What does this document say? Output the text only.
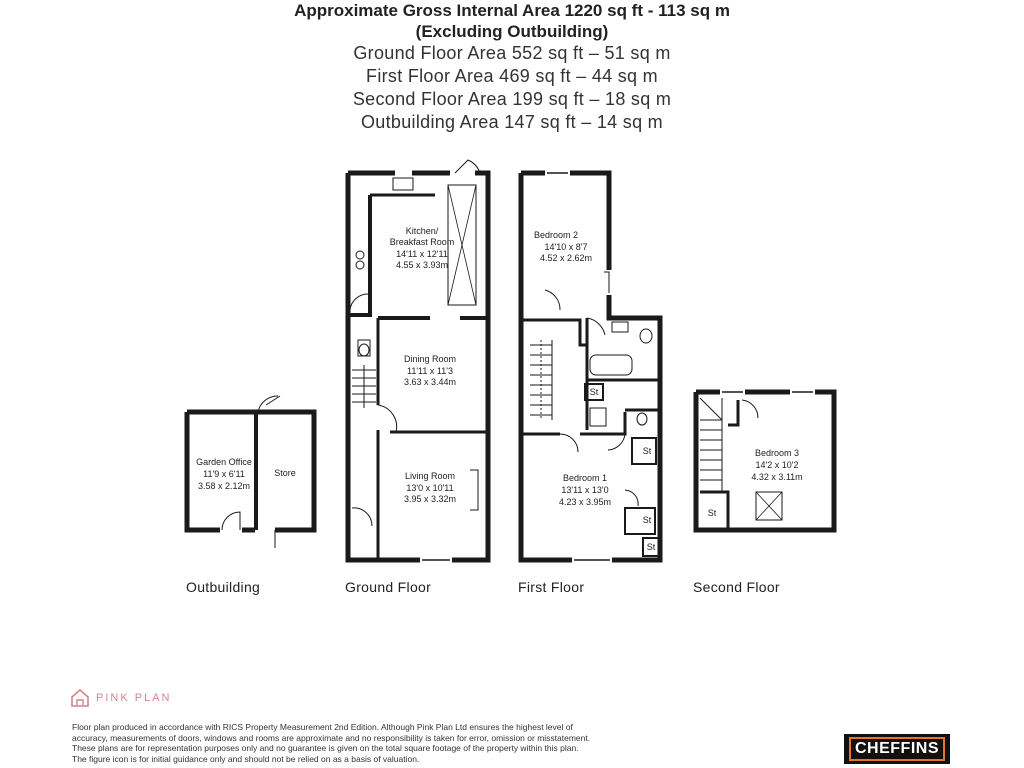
Approximate Gross Internal Area 1220 sq ft - 113 sq m
(Excluding Outbuilding)
Ground Floor Area 552 sq ft – 51 sq m
First Floor Area 469 sq ft – 44 sq m
Second Floor Area 199 sq ft – 18 sq m
Outbuilding Area 147 sq ft – 14 sq m
Garden Office
11'9 x 6'11
3.58 x 2.12m
Store
Kitchen/
Breakfast Room
14'11 x 12'11
4.55 x 3.93m
Dining Room
11'11 x 11'3
3.63 x 3.44m
Living Room
13'0 x 10'11
3.95 x 3.32m
Bedroom 2
14'10 x 8'7
4.52 x 2.62m
Bedroom 1
13'11 x 13'0
4.23 x 3.95m
St
St
St
St
Bedroom 3
14'2 x 10'2
4.32 x 3.11m
St
Outbuilding	Ground Floor	First Floor	Second Floor
PINK PLAN
Floor plan produced in accordance with RICS Property Measurement 2nd Edition. Although Pink Plan Ltd ensures the highest level of accuracy, measurements of doors, windows and rooms are approximate and no responsibility is taken for error, omission or misstatement. These plans are for representation purposes only and no guarantee is given on the total square footage of the property within this plan. The figure icon is for initial guidance only and should not be relied on as a basis of valuation.
CHEFFINS
